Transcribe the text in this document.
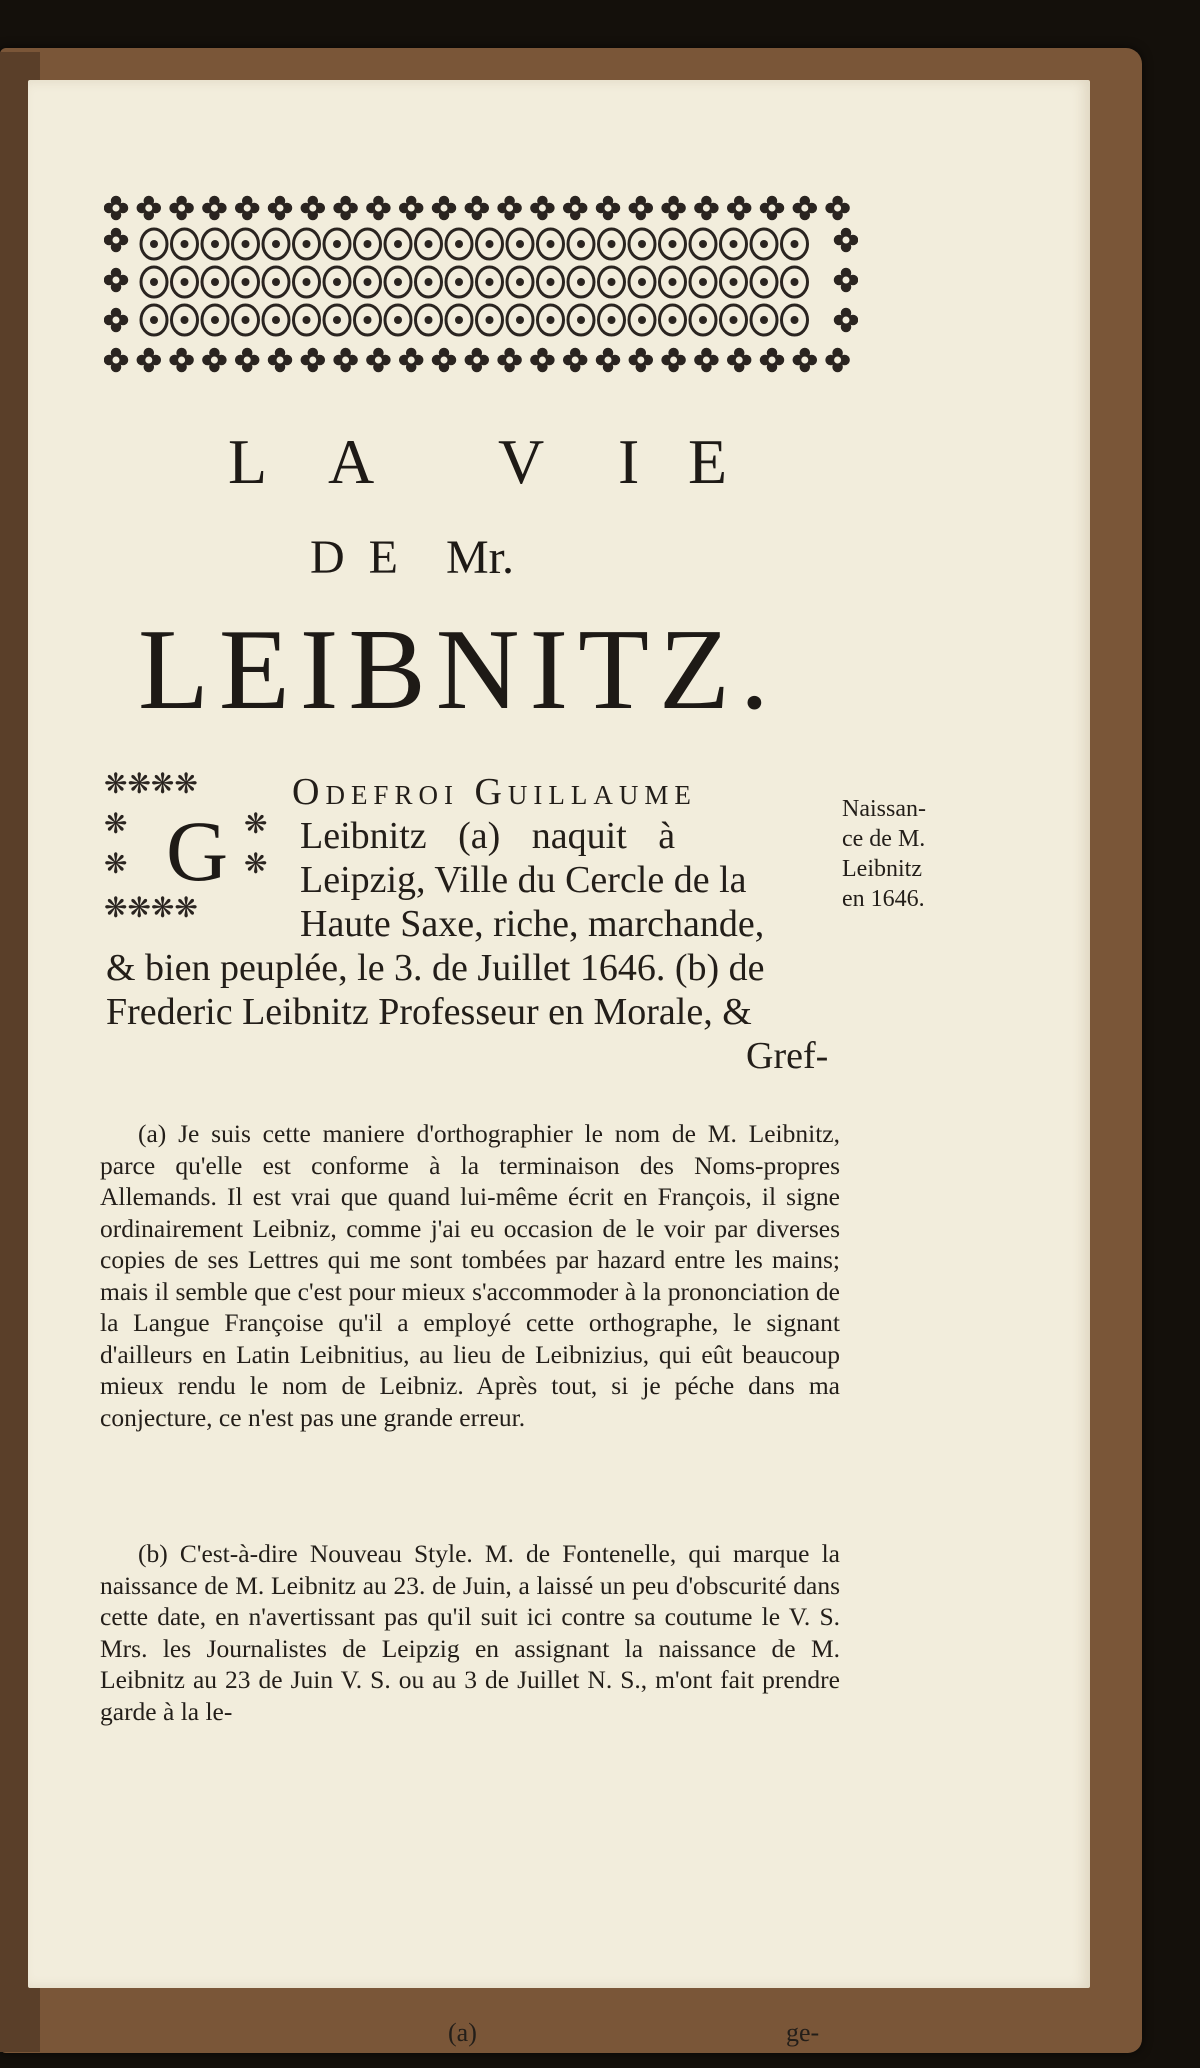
L A V I E
D  E    Mr.
LEIBNITZ.
❋❋❋❋
❋	❋
❋	❋
❋❋❋❋
G
Odefroi Guillaume
Leibnitz (a) naquit à
Leipzig, Ville du Cercle de la
Haute Saxe, riche, marchande,
& bien peuplée, le 3. de Juillet 1646. (b) de
Frederic Leibnitz Professeur en Morale, &
Gref-
Naissan-
ce de M.
Leibnitz
en 1646.

(a) Je suis cette maniere d'orthographier le nom de M. Leibnitz, parce qu'elle est conforme à la terminaison des Noms-propres Allemands. Il est vrai que quand lui-même écrit en François, il signe ordinairement Leibniz, comme j'ai eu occasion de le voir par diverses copies de ses Lettres qui me sont tombées par hazard entre les mains; mais il semble que c'est pour mieux s'accommoder à la prononciation de la Langue Françoise qu'il a employé cette orthographe, le signant d'ailleurs en Latin Leibnitius, au lieu de Leibnizius, qui eût beaucoup mieux rendu le nom de Leibniz. Après tout, si je péche dans ma conjecture, ce n'est pas une grande erreur.

(b) C'est-à-dire Nouveau Style. M. de Fontenelle, qui marque la naissance de M. Leibnitz au 23. de Juin, a laissé un peu d'obscurité dans cette date, en n'avertissant pas qu'il suit ici contre sa coutume le V. S. Mrs. les Journalistes de Leipzig en assignant la naissance de M. Leibnitz au 23 de Juin V. S. ou au 3 de Juillet N. S., m'ont fait prendre garde à la le-

(a)	ge-
